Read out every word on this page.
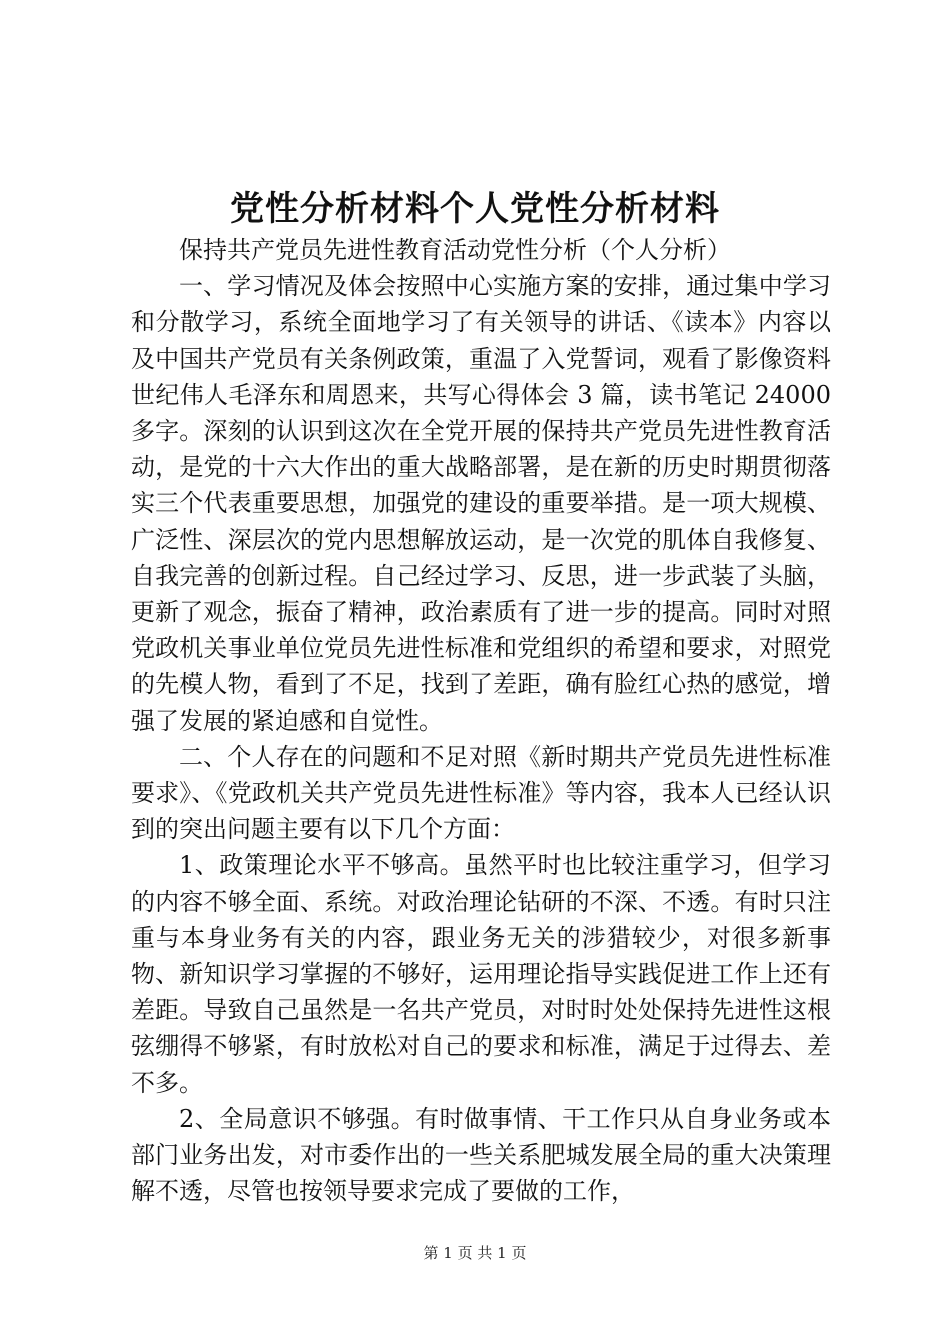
党性分析材料个人党性分析材料

保持共产党员先进性教育活动党性分析（个人分析）

一、学习情况及体会按照中心实施方案的安排，通过集中学习和分散学习，系统全面地学习了有关领导的讲话、《读本》内容以及中国共产党员有关条例政策，重温了入党誓词，观看了影像资料世纪伟人毛泽东和周恩来，共写心得体会 3 篇，读书笔记 24000 多字。深刻的认识到这次在全党开展的保持共产党员先进性教育活动，是党的十六大作出的重大战略部署，是在新的历史时期贯彻落实三个代表重要思想，加强党的建设的重要举措。是一项大规模、广泛性、深层次的党内思想解放运动，是一次党的肌体自我修复、自我完善的创新过程。自己经过学习、反思，进一步武装了头脑，更新了观念，振奋了精神，政治素质有了进一步的提高。同时对照党政机关事业单位党员先进性标准和党组织的希望和要求，对照党的先模人物，看到了不足，找到了差距，确有脸红心热的感觉，增强了发展的紧迫感和自觉性。

二、个人存在的问题和不足对照《新时期共产党员先进性标准要求》、《党政机关共产党员先进性标准》等内容，我本人已经认识到的突出问题主要有以下几个方面：

1、政策理论水平不够高。虽然平时也比较注重学习，但学习的内容不够全面、系统。对政治理论钻研的不深、不透。有时只注重与本身业务有关的内容，跟业务无关的涉猎较少，对很多新事物、新知识学习掌握的不够好，运用理论指导实践促进工作上还有差距。导致自己虽然是一名共产党员，对时时处处保持先进性这根弦绷得不够紧，有时放松对自己的要求和标准，满足于过得去、差不多。

2、全局意识不够强。有时做事情、干工作只从自身业务或本部门业务出发，对市委作出的一些关系肥城发展全局的重大决策理解不透，尽管也按领导要求完成了要做的工作，

第 1 页 共 1 页
